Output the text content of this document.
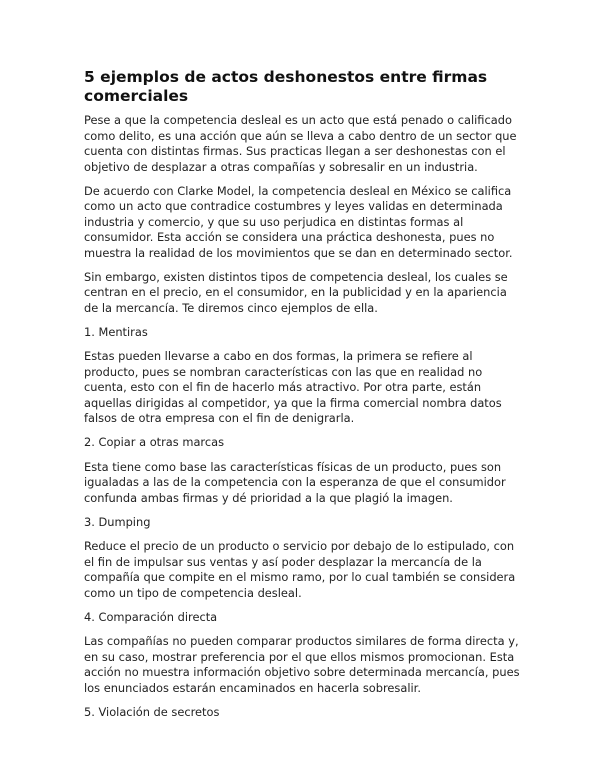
5 ejemplos de actos deshonestos entre firmas comerciales

Pese a que la competencia desleal es un acto que está penado o calificado como delito, es una acción que aún se lleva a cabo dentro de un sector que cuenta con distintas firmas. Sus practicas llegan a ser deshonestas con el objetivo de desplazar a otras compañías y sobresalir en un industria.

De acuerdo con Clarke Model, la competencia desleal en México se califica como un acto que contradice costumbres y leyes validas en determinada industria y comercio, y que su uso perjudica en distintas formas al consumidor. Esta acción se considera una práctica deshonesta, pues no muestra la realidad de los movimientos que se dan en determinado sector.

Sin embargo, existen distintos tipos de competencia desleal, los cuales se centran en el precio, en el consumidor, en la publicidad y en la apariencia de la mercancía. Te diremos cinco ejemplos de ella.

1. Mentiras

Estas pueden llevarse a cabo en dos formas, la primera se refiere al producto, pues se nombran características con las que en realidad no cuenta, esto con el fin de hacerlo más atractivo. Por otra parte, están aquellas dirigidas al competidor, ya que la firma comercial nombra datos falsos de otra empresa con el fin de denigrarla.

2. Copiar a otras marcas

Esta tiene como base las características físicas de un producto, pues son igualadas a las de la competencia con la esperanza de que el consumidor confunda ambas firmas y dé prioridad a la que plagió la imagen.

3. Dumping

Reduce el precio de un producto o servicio por debajo de lo estipulado, con el fin de impulsar sus ventas y así poder desplazar la mercancía de la compañía que compite en el mismo ramo, por lo cual también se considera como un tipo de competencia desleal.

4. Comparación directa

Las compañías no pueden comparar productos similares de forma directa y, en su caso, mostrar preferencia por el que ellos mismos promocionan. Esta acción no muestra información objetivo sobre determinada mercancía, pues los enunciados estarán encaminados en hacerla sobresalir.

5. Violación de secretos
